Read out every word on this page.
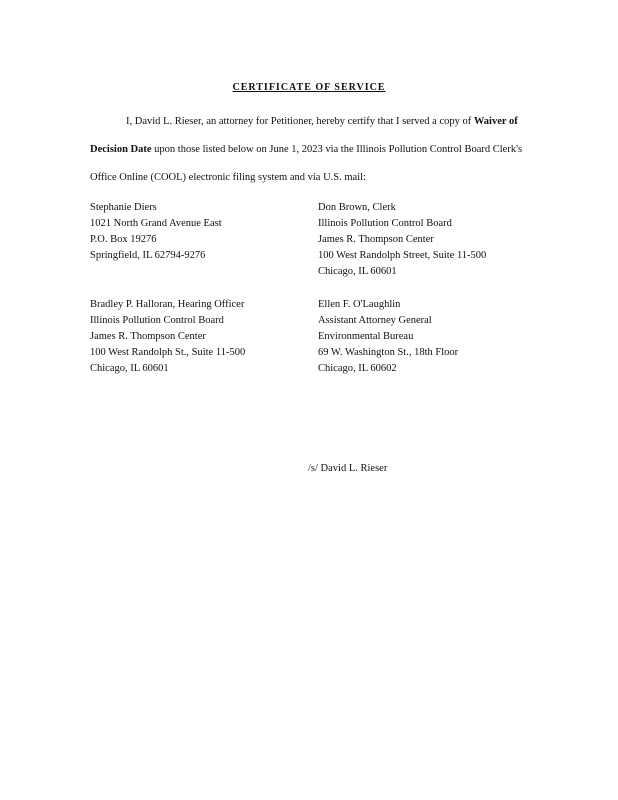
CERTIFICATE OF SERVICE
I, David L. Rieser, an attorney for Petitioner, hereby certify that I served a copy of Waiver of Decision Date upon those listed below on June 1, 2023 via the Illinois Pollution Control Board Clerk's Office Online (COOL) electronic filing system and via U.S. mail:
Stephanie Diers
1021 North Grand Avenue East
P.O. Box 19276
Springfield, IL 62794-9276
Don Brown, Clerk
Illinois Pollution Control Board
James R. Thompson Center
100 West Randolph Street, Suite 11-500
Chicago, IL 60601
Bradley P. Halloran, Hearing Officer
Illinois Pollution Control Board
James R. Thompson Center
100 West Randolph St., Suite 11-500
Chicago, IL 60601
Ellen F. O'Laughlin
Assistant Attorney General
Environmental Bureau
69 W. Washington St., 18th Floor
Chicago, IL 60602
/s/ David L. Rieser
